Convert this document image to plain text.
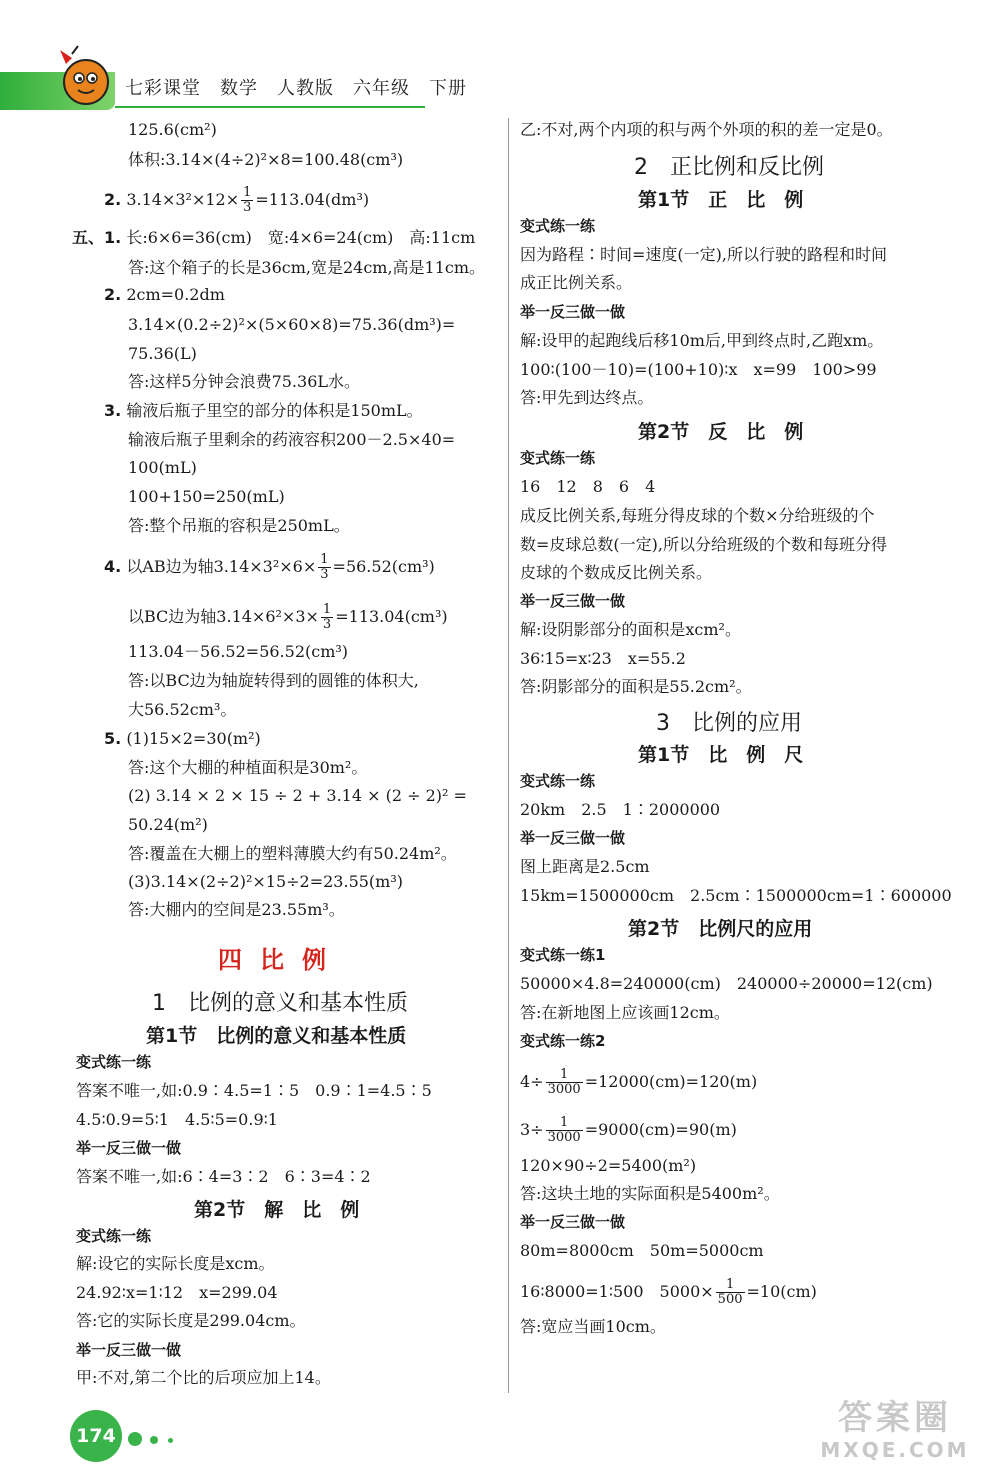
七彩课堂　数学　人教版　六年级　下册
125.6(cm²)
体积:3.14×(4÷2)²×8=100.48(cm³)
2. $3.14\times 3^2\times 12\times \frac{1}{3} =113.04(dm^3)$
五、1. 长:6×6=36(cm)　宽:4×6=24(cm)　高:11cm
答:这个箱子的长是36cm,宽是24cm,高是11cm。
2. 2cm=0.2dm
3.14×(0.2÷2)²×(5×60×8)=75.36(dm³)=
75.36(L)
答:这样5分钟会浪费75.36L水。
3. 输液后瓶子里空的部分的体积是150mL。
输液后瓶子里剩余的药液容积200－2.5×40=
100(mL)
100+150=250(mL)
答:整个吊瓶的容积是250mL。
4. 以AB边为轴$3.14\times 3^2\times 6\times \frac{1}{3} =56.52(cm^3)$
以BC边为轴$3.14\times 6^2\times 3\times \frac{1}{3} =113.04(cm^3)$
113.04－56.52=56.52(cm³)
答:以BC边为轴旋转得到的圆锥的体积大,
大56.52cm³。
5. (1)15×2=30(m²)
答:这个大棚的种植面积是30m²。
(2) 3.14 × 2 × 15 ÷ 2 + 3.14 × (2 ÷ 2)² =
50.24(m²)
答:覆盖在大棚上的塑料薄膜大约有50.24m²。
(3)3.14×(2÷2)²×15÷2=23.55(m³)
答:大棚内的空间是23.55m³。
四比例
1　比例的意义和基本性质
第1节　比例的意义和基本性质
变式练一练
答案不唯一,如:0.9∶4.5=1∶5　0.9∶1=4.5∶5
4.5∶0.9=5∶1　4.5∶5=0.9∶1
举一反三做一做
答案不唯一,如:6∶4=3∶2　6∶3=4∶2
第2节　解　比　例
变式练一练
解:设它的实际长度是xcm。
24.92∶x=1∶12　x=299.04
答:它的实际长度是299.04cm。
举一反三做一做
甲:不对,第二个比的后项应加上14。
乙:不对,两个内项的积与两个外项的积的差一定是0。
2　正比例和反比例
第1节　正　比　例
变式练一练
因为路程∶时间=速度(一定),所以行驶的路程和时间
成正比例关系。
举一反三做一做
解:设甲的起跑线后移10m后,甲到终点时,乙跑xm。
100∶(100－10)=(100+10)∶x　x=99　100>99
答:甲先到达终点。
第2节　反　比　例
变式练一练
16　12　8　6　4
成反比例关系,每班分得皮球的个数×分给班级的个
数=皮球总数(一定),所以分给班级的个数和每班分得
皮球的个数成反比例关系。
举一反三做一做
解:设阴影部分的面积是xcm²。
36∶15=x∶23　x=55.2
答:阴影部分的面积是55.2cm²。
3　比例的应用
第1节　比　例　尺
变式练一练
20km　2.5　1∶2000000
举一反三做一做
图上距离是2.5cm
15km=1500000cm　2.5cm∶1500000cm=1∶600000
第2节　比例尺的应用
变式练一练1
50000×4.8=240000(cm)　240000÷20000=12(cm)
答:在新地图上应该画12cm。
变式练一练2
$4\div \frac{1}{3000} =12000(cm)=120(m)$
$3\div \frac{1}{3000} =9000(cm)=90(m)$
120×90÷2=5400(m²)
答:这块土地的实际面积是5400m²。
举一反三做一做
80m=8000cm　50m=5000cm
16∶8000=1∶500　$5000\times \frac{1}{500} =10(cm)$
答:宽应当画10cm。
174	答案圈
MXQE.COM
